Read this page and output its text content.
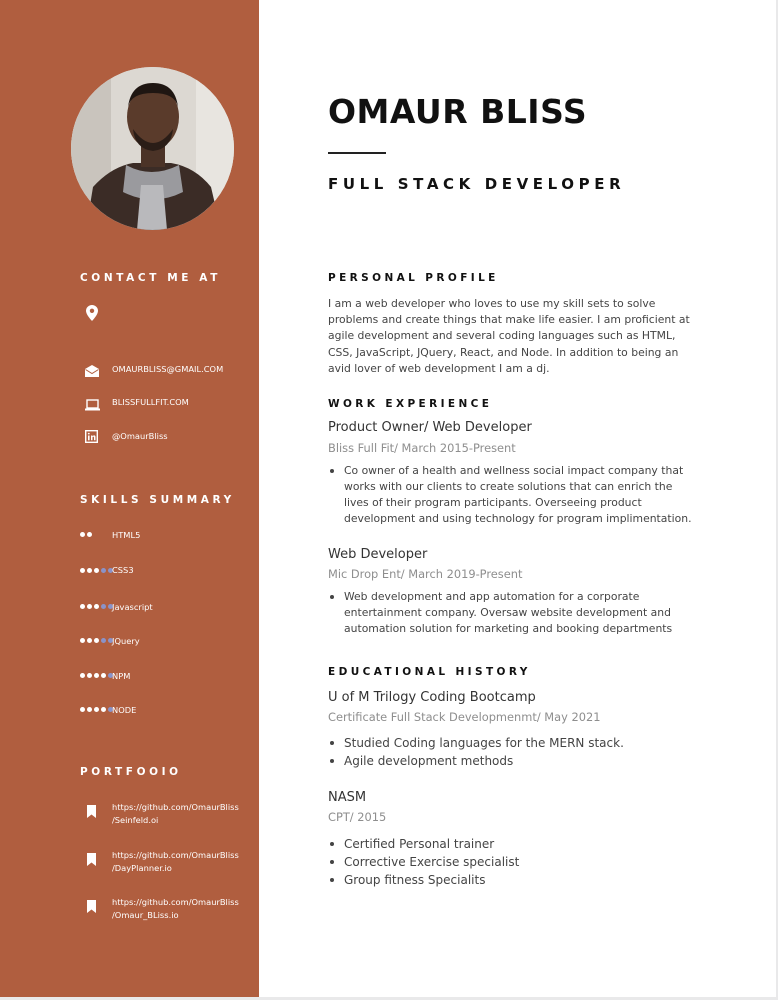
CONTACT ME AT
OMAURBLISS@GMAIL.COM
BLISSFULLFIT.COM
@OmaurBliss
SKILLS SUMMARY
HTML5
CSS3
Javascript
JQuery
NPM
NODE
PORTFOOIO
https://github.com/OmaurBliss
/Seinfeld.oi
https://github.com/OmaurBliss
/DayPlanner.io
https://github.com/OmaurBliss
/Omaur_BLiss.io
OMAUR BLISS
FULL STACK DEVELOPER
PERSONAL PROFILE
I am a web developer who loves to use my skill sets to solve problems and create things that make life easier. I am proficient at agile development and several coding languages such as HTML, CSS, JavaScript, JQuery, React, and Node. In addition to being an avid lover of web development I am a dj.
WORK EXPERIENCE
Product Owner/ Web Developer
Bliss Full Fit/ March 2015-Present
Co owner of a health and wellness social impact company that works with our clients to create solutions that can enrich the lives of their program participants. Overseeing product development and using technology for program implimentation.
Web Developer
Mic Drop Ent/ March 2019-Present
Web development and app automation for a corporate entertainment company. Oversaw website development and automation solution for marketing and booking departments
EDUCATIONAL HISTORY
U of M Trilogy Coding Bootcamp
Certificate Full Stack Developmenmt/ May 2021
Studied Coding languages for the MERN stack.
Agile development methods
NASM
CPT/ 2015
Certified Personal trainer
Corrective Exercise specialist
Group fitness Specialits
